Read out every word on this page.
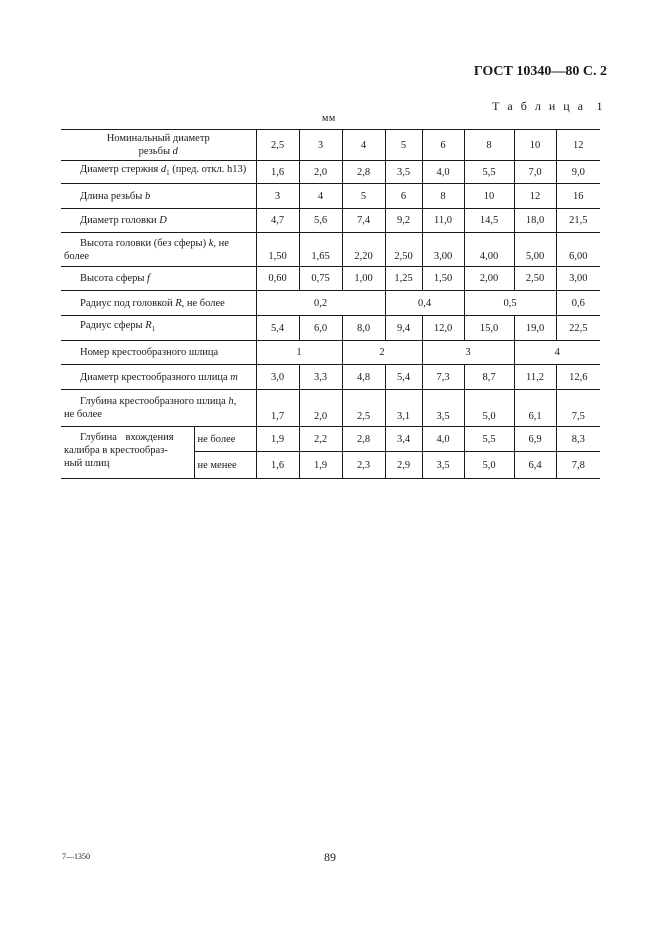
ГОСТ 10340—80 С. 2
Т а б л и ц а  1
мм
Номинальный диаметр
резьбы d		2,5	3	4	5	6	8	10	12
Диаметр стержня $d_1$ (пред. откл. h13)		1,6	2,0	2,8	3,5	4,0	5,5	7,0	9,0
Длина резьбы b		3	4	5	6	8	10	12	16
Диаметр головки D		4,7	5,6	7,4	9,2	11,0	14,5	18,0	21,5

Высота головки (без сферы) k, не
более		1,50	1,65	2,20	2,50	3,00	4,00	5,00	6,00
Высота сферы f		0,60	0,75	1,00	1,25	1,50	2,00	2,50	3,00
Радиус под головкой R, не более		0,2			0,4		0,5		0,6
Радиус сферы $R_1$		5,4	6,0	8,0	9,4	12,0	15,0	19,0	22,5
Номер крестообразного шлица		1		2		3		4	
Диаметр крестообразного шлица m		3,0	3,3	4,8	5,4	7,3	8,7	11,2	12,6

Глубина крестообразного шлица h,
не более		1,7	2,0	2,5	3,1	3,5	5,0	6,1	7,5

Глубина вхождения
калибра в крестообраз-
ный шлиц	не более	1,9	2,2	2,8	3,4	4,0	5,5	6,9	8,3
	не менее	1,6	1,9	2,3	2,9	3,5	5,0	6,4	7,8
7—1350	89
